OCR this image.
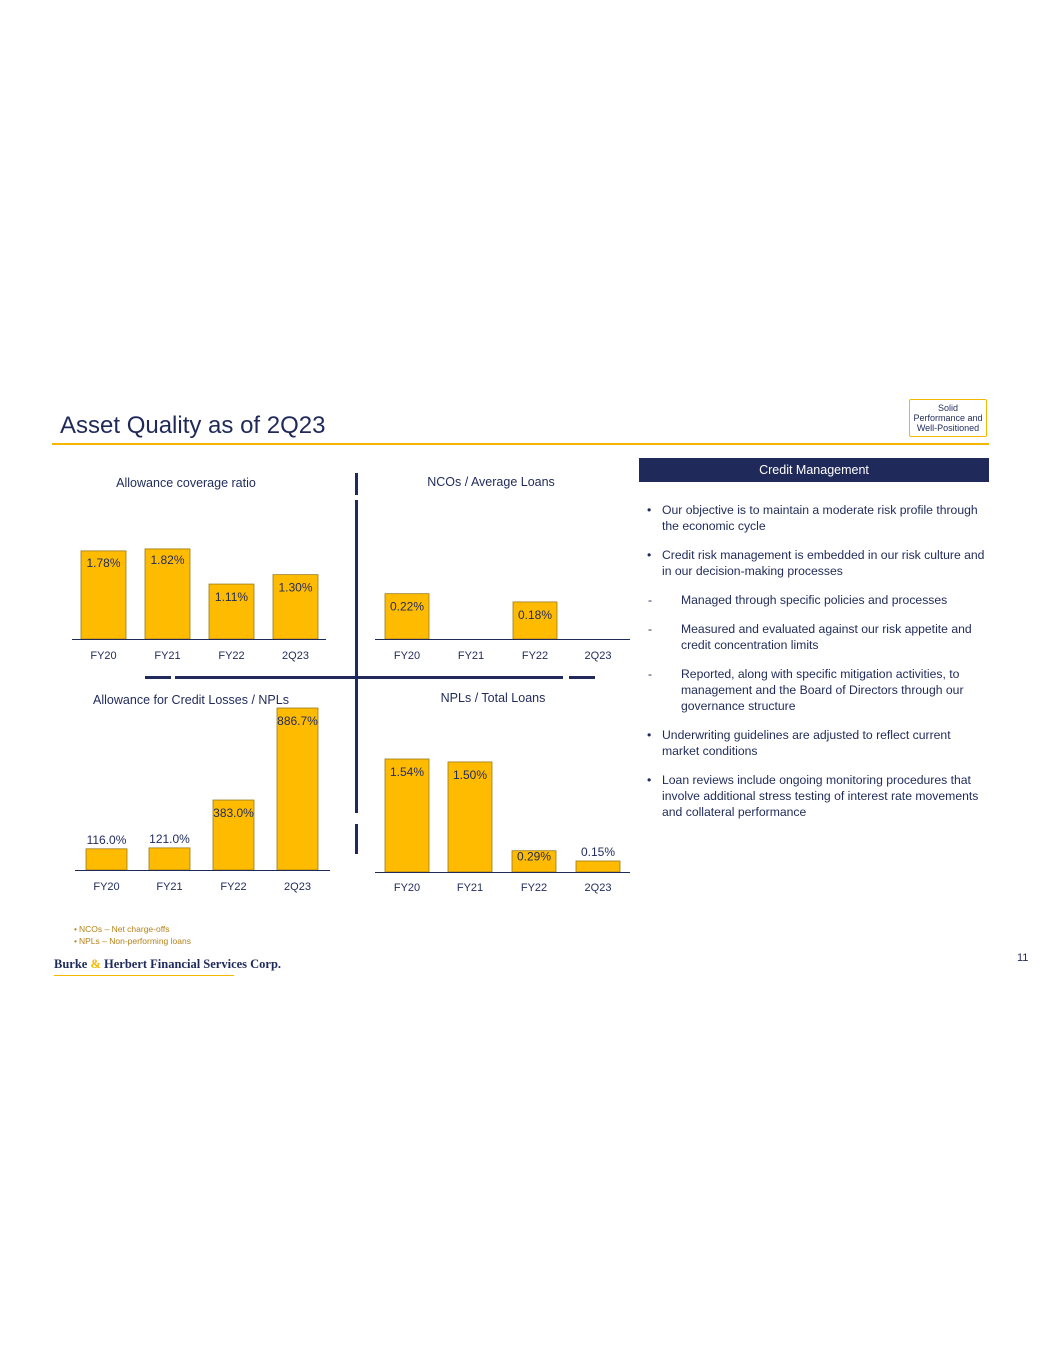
Asset Quality as of 2Q23
Solid Performance and Well-Positioned
Allowance coverage ratio	NCOs / Average Loans
Allowance for Credit Losses / NPLs	NPLs / Total Loans
1.78%
FY20
1.82%
FY21
1.11%
FY22
1.30%
2Q23
0.22%
FY20	FY21
0.18%
FY22	2Q23
116.0%
FY20
121.0%
FY21
383.0%
FY22
886.7%
2Q23
1.54%
FY20
1.50%
FY21
0.29%
FY22
0.15%
2Q23
Credit Management
• Our objective is to maintain a moderate risk profile through the economic cycle
• Credit risk management is embedded in our risk culture and in our decision-making processes
- Managed through specific policies and processes
- Measured and evaluated against our risk appetite and credit concentration limits
- Reported, along with specific mitigation activities, to management and the Board of Directors through our governance structure
• Underwriting guidelines are adjusted to reflect current market conditions
• Loan reviews include ongoing monitoring procedures that involve additional stress testing of interest rate movements and collateral performance
• NCOs – Net charge-offs
• NPLs – Non-performing loans
Burke & Herbert Financial Services Corp.	11
